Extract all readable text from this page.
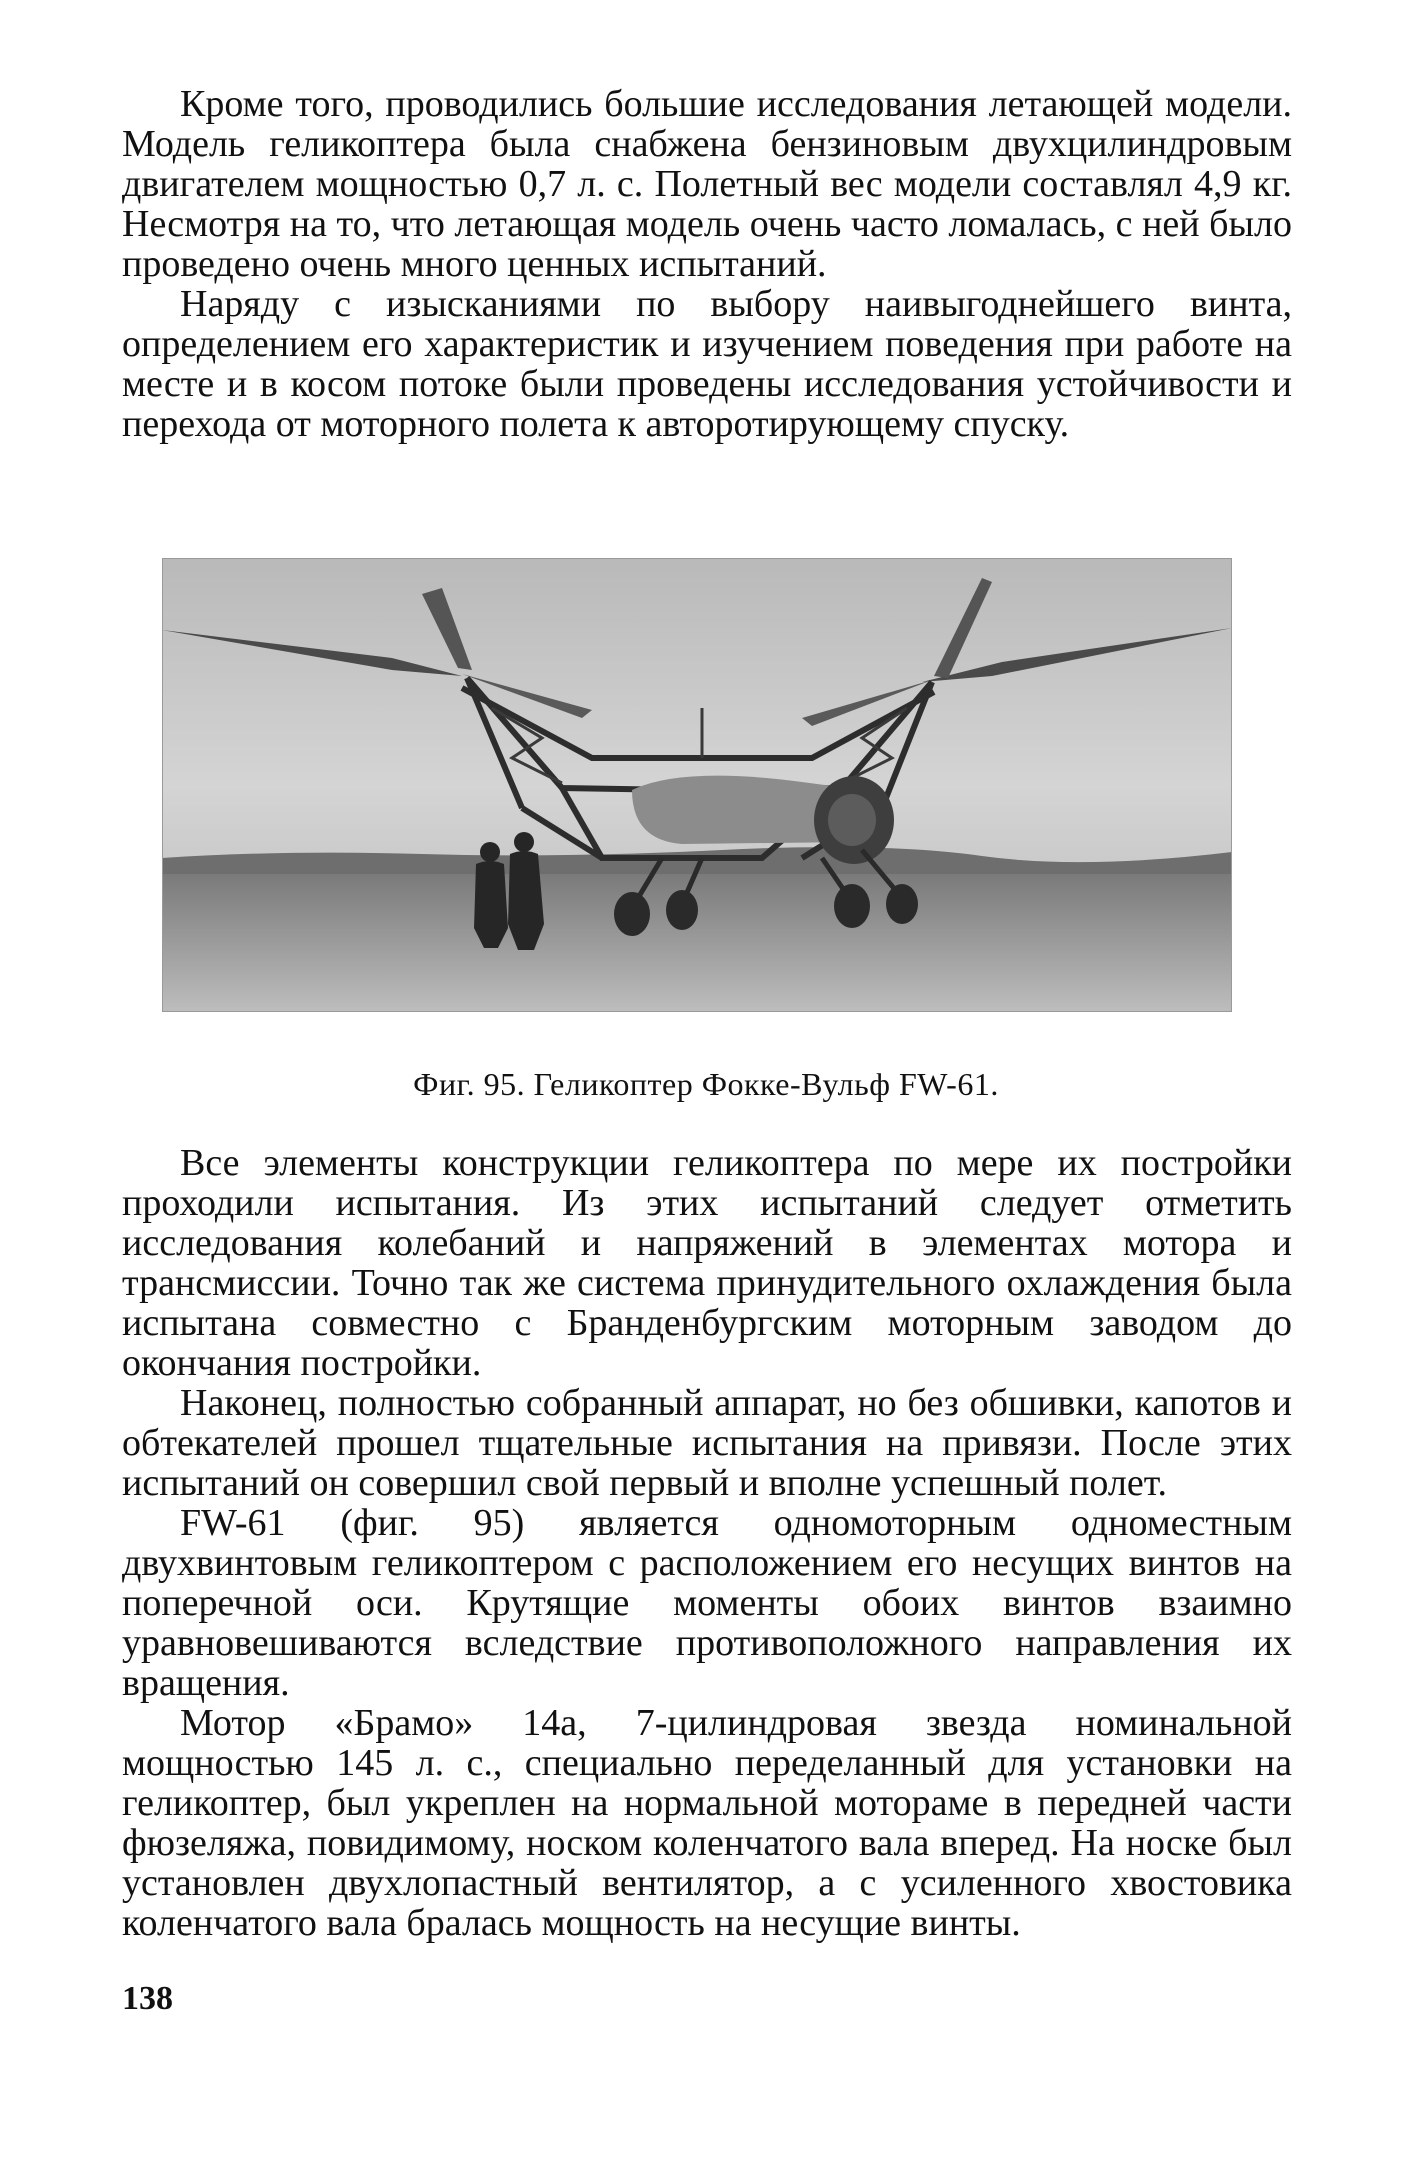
Кроме того, проводились большие исследования летающей модели. Модель геликоптера была снабжена бензиновым двухцилиндровым двигателем мощностью 0,7 л. с. Полетный вес модели составлял 4,9 кг. Несмотря на то, что летающая модель очень часто ломалась, с ней было проведено очень много ценных испытаний.

Наряду с изысканиями по выбору наивыгоднейшего винта, определением его характеристик и изучением поведения при работе на месте и в косом потоке были проведены исследования устойчивости и перехода от моторного полета к авторотирующему спуску.

Фиг. 95. Геликоптер Фокке-Вульф FW-61.

Все элементы конструкции геликоптера по мере их постройки проходили испытания. Из этих испытаний следует отметить исследования колебаний и напряжений в элементах мотора и трансмиссии. Точно так же система принудительного охлаждения была испытана совместно с Бранденбургским моторным заводом до окончания постройки.

Наконец, полностью собранный аппарат, но без обшивки, капотов и обтекателей прошел тщательные испытания на привязи. После этих испытаний он совершил свой первый и вполне успешный полет.

FW-61 (фиг. 95) является одномоторным одноместным двухвинтовым геликоптером с расположением его несущих винтов на поперечной оси. Крутящие моменты обоих винтов взаимно уравновешиваются вследствие противоположного направления их вращения.

Мотор «Брамо» 14а, 7-цилиндровая звезда номинальной мощностью 145 л. с., специально переделанный для установки на геликоптер, был укреплен на нормальной моторамe в передней части фюзеляжа, повидимому, носком коленчатого вала вперед. На носке был установлен двухлопастный вентилятор, а с усиленного хвостовика коленчатого вала бралась мощность на несущие винты.

138
